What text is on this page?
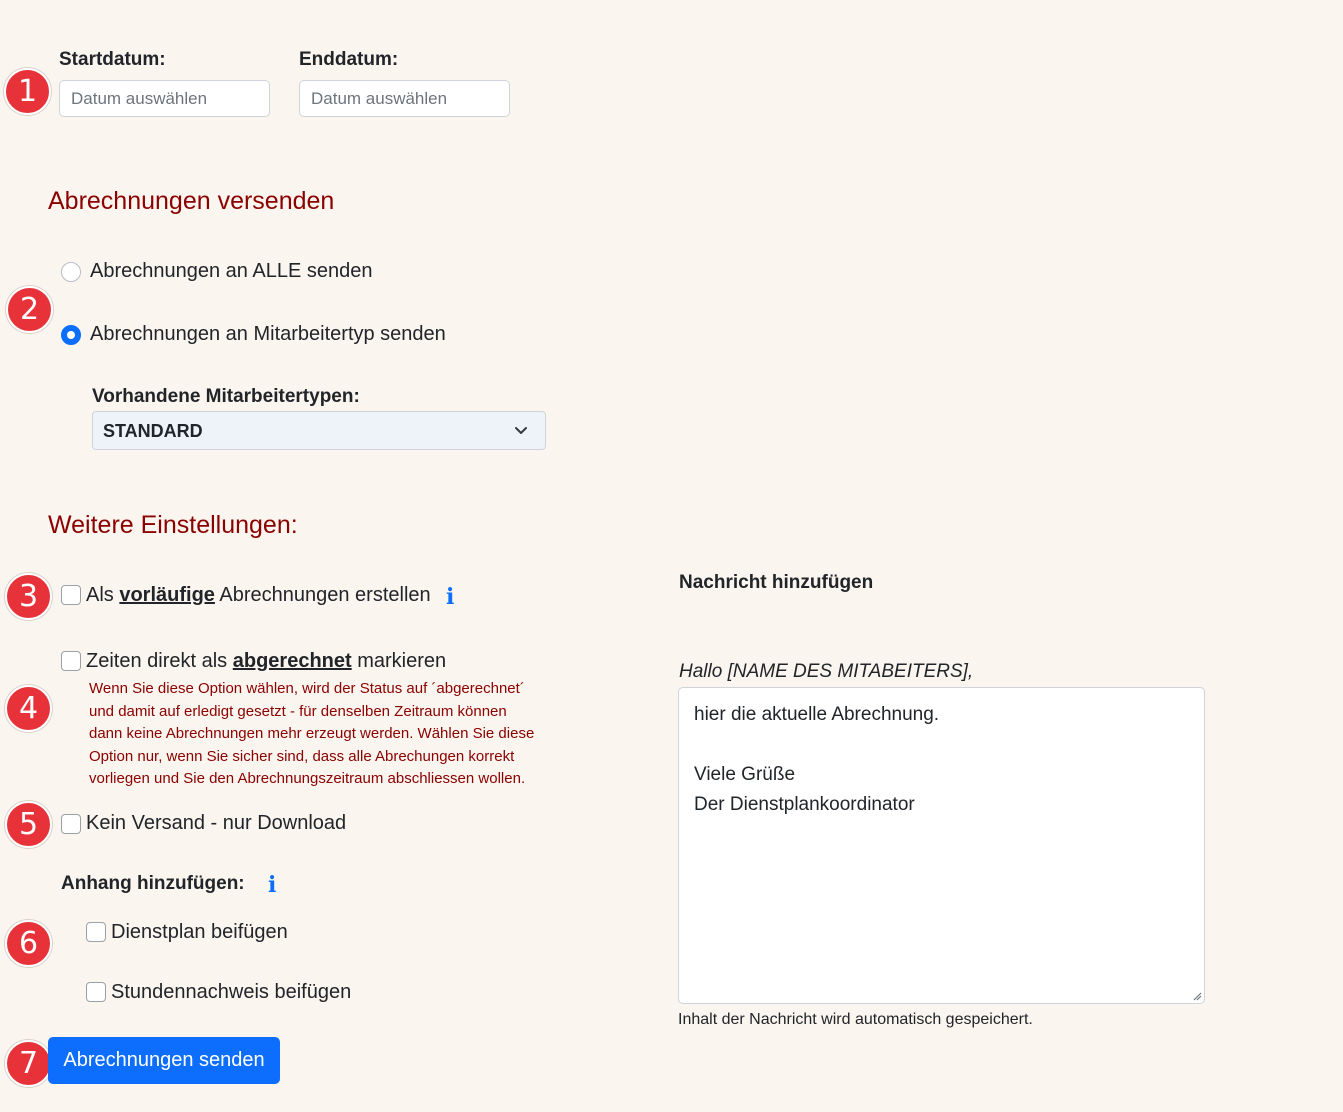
1
2
3
4
5
6
7
Startdatum:
Datum auswählen	Enddatum:
Datum auswählen
Abrechnungen versenden
Abrechnungen an ALLE senden
Abrechnungen an Mitarbeitertyp senden
Vorhandene Mitarbeitertypen:
STANDARD
Weitere Einstellungen:
Als vorläufige Abrechnungen erstellen i
Zeiten direkt als abgerechnet markieren
Wenn Sie diese Option wählen, wird der Status auf ´abgerechnet´ und damit auf erledigt gesetzt - für denselben Zeitraum können dann keine Abrechnungen mehr erzeugt werden. Wählen Sie diese Option nur, wenn Sie sicher sind, dass alle Abrechungen korrekt vorliegen und Sie den Abrechnungszeitraum abschliessen wollen.
Kein Versand - nur Download
Anhang hinzufügen: i
Dienstplan beifügen
Stundennachweis beifügen
Nachricht hinzufügen
Hallo [NAME DES MITABEITERS],
hier die aktuelle Abrechnung. Viele Grüße Der Dienstplankoordinator
Inhalt der Nachricht wird automatisch gespeichert.
Abrechnungen senden
